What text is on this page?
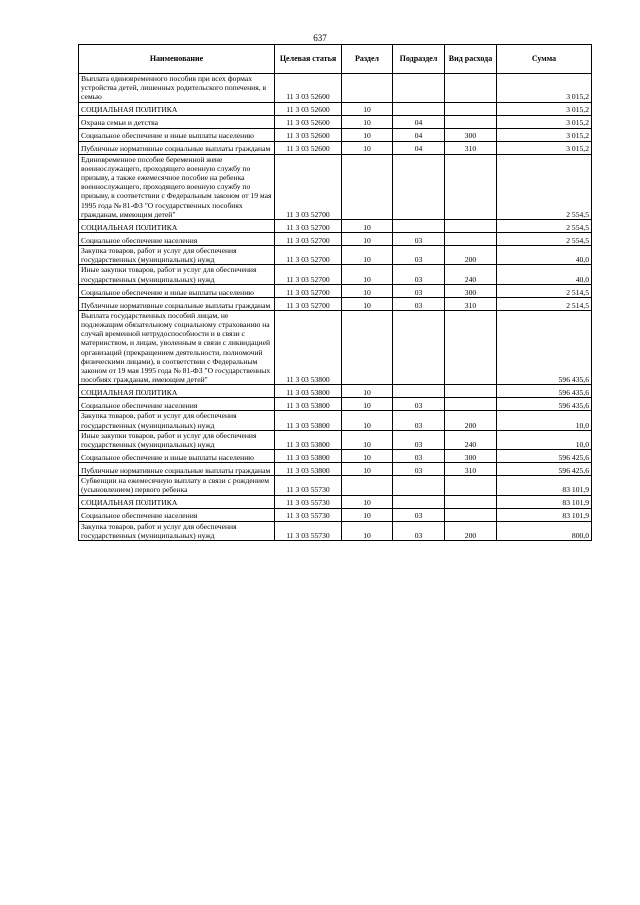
637
Наименование	Целевая статья	Раздел	Подраздел	Вид расхода	Сумма
Выплата единовременного пособия при всех формах устройства детей, лишенных родительского попечения, в семью	11 3 03 52600				3 015,2
СОЦИАЛЬНАЯ ПОЛИТИКА	11 3 03 52600	10			3 015,2
Охрана семьи и детства	11 3 03 52600	10	04		3 015,2
Социальное обеспечение и иные выплаты населению	11 3 03 52600	10	04	300	3 015,2
Публичные нормативные социальные выплаты гражданам	11 3 03 52600	10	04	310	3 015,2
Единовременное пособие беременной жене военнослужащего, проходящего военную службу по призыву, а также ежемесячное пособие на ребенка военнослужащего, проходящего военную службу по призыву, в соответствии с Федеральным законом от 19 мая 1995 года № 81-ФЗ "О государственных пособиях гражданам, имеющим детей"	11 3 03 52700				2 554,5
СОЦИАЛЬНАЯ ПОЛИТИКА	11 3 03 52700	10			2 554,5
Социальное обеспечение населения	11 3 03 52700	10	03		2 554,5
Закупка товаров, работ и услуг для обеспечения государственных (муниципальных) нужд	11 3 03 52700	10	03	200	40,0
Иные закупки товаров, работ и услуг для обеспечения государственных (муниципальных) нужд	11 3 03 52700	10	03	240	40,0
Социальное обеспечение и иные выплаты населению	11 3 03 52700	10	03	300	2 514,5
Публичные нормативные социальные выплаты гражданам	11 3 03 52700	10	03	310	2 514,5
Выплата государственных пособий лицам, не подлежащим обязательному социальному страхованию на случай временной нетрудоспособности и в связи с материнством, и лицам, уволенным в связи с ликвидацией организаций (прекращением деятельности, полномочий физическими лицами), в соответствии с Федеральным законом от 19 мая 1995 года № 81-ФЗ "О государственных пособиях гражданам, имеющим детей"	11 3 03 53800				596 435,6
СОЦИАЛЬНАЯ ПОЛИТИКА	11 3 03 53800	10			596 435,6
Социальное обеспечение населения	11 3 03 53800	10	03		596 435,6
Закупка товаров, работ и услуг для обеспечения государственных (муниципальных) нужд	11 3 03 53800	10	03	200	10,0
Иные закупки товаров, работ и услуг для обеспечения государственных (муниципальных) нужд	11 3 03 53800	10	03	240	10,0
Социальное обеспечение и иные выплаты населению	11 3 03 53800	10	03	300	596 425,6
Публичные нормативные социальные выплаты гражданам	11 3 03 53800	10	03	310	596 425,6
Субвенции на ежемесячную выплату в связи с рождением (усыновлением) первого ребенка	11 3 03 55730				83 101,9
СОЦИАЛЬНАЯ ПОЛИТИКА	11 3 03 55730	10			83 101,9
Социальное обеспечение населения	11 3 03 55730	10	03		83 101,9
Закупка товаров, работ и услуг для обеспечения государственных (муниципальных) нужд	11 3 03 55730	10	03	200	800,0
